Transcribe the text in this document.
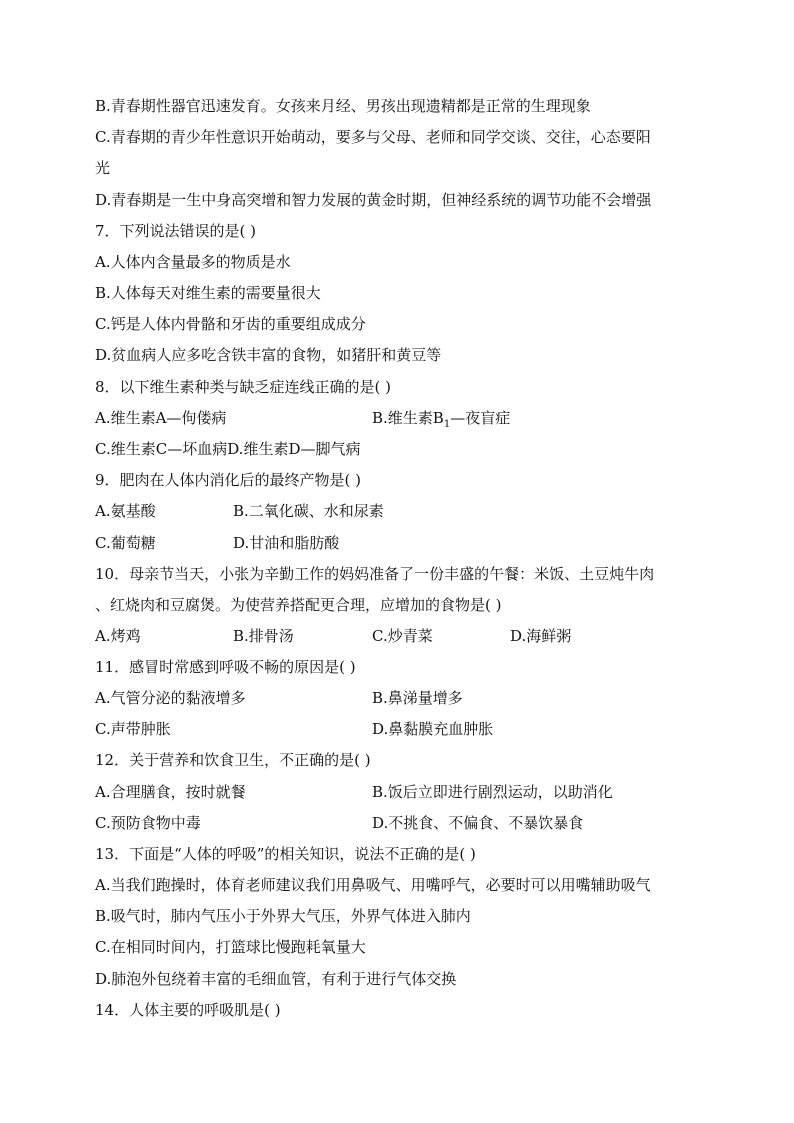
B.青春期性器官迅速发育。女孩来月经、男孩出现遗精都是正常的生理现象
C.青春期的青少年性意识开始萌动，要多与父母、老师和同学交谈、交往，心态要阳
光
D.青春期是一生中身高突增和智力发展的黄金时期，但神经系统的调节功能不会增强
7．下列说法错误的是( )
A.人体内含量最多的物质是水
B.人体每天对维生素的需要量很大
C.钙是人体内骨骼和牙齿的重要组成成分
D.贫血病人应多吃含铁丰富的食物，如猪肝和黄豆等
8．以下维生素种类与缺乏症连线正确的是( )
A.维生素A—佝偻病	B.维生素$B_1—$夜盲症
C.维生素C—坏血病D.维生素D—脚气病
9．肥肉在人体内消化后的最终产物是( )
A.氨基酸	B.二氧化碳、水和尿素
C.葡萄糖	D.甘油和脂肪酸
10．母亲节当天，小张为辛勤工作的妈妈准备了一份丰盛的午餐：米饭、土豆炖牛肉
、红烧肉和豆腐煲。为使营养搭配更合理，应增加的食物是( )
A.烤鸡	B.排骨汤	C.炒青菜	D.海鲜粥
11．感冒时常感到呼吸不畅的原因是( )
A.气管分泌的黏液增多	B.鼻涕量增多
C.声带肿胀	D.鼻黏膜充血肿胀
12．关于营养和饮食卫生，不正确的是( )
A.合理膳食，按时就餐	B.饭后立即进行剧烈运动，以助消化
C.预防食物中毒	D.不挑食、不偏食、不暴饮暴食
13．下面是“人体的呼吸”的相关知识，说法不正确的是( )
A.当我们跑操时，体育老师建议我们用鼻吸气、用嘴呼气，必要时可以用嘴辅助吸气
B.吸气时，肺内气压小于外界大气压，外界气体进入肺内
C.在相同时间内，打篮球比慢跑耗氧量大
D.肺泡外包绕着丰富的毛细血管，有利于进行气体交换
14．人体主要的呼吸肌是( )
